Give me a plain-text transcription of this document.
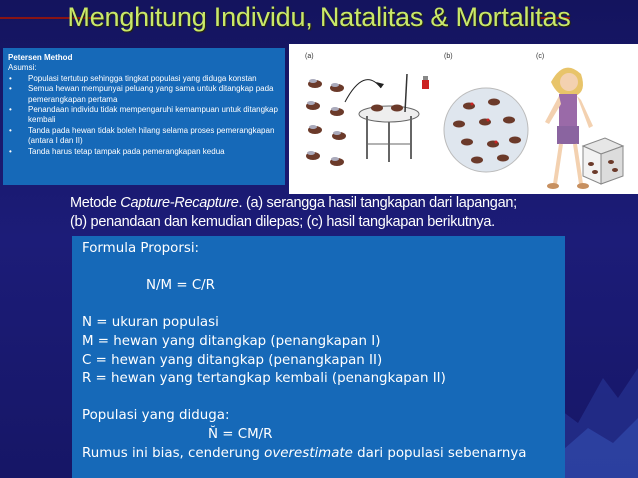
Menghitung Individu, Natalitas & Mortalitas
Petersen Method
Asumsi:
• Populasi tertutup sehingga tingkat populasi yang diduga konstan
• Semua hewan mempunyai peluang yang sama untuk ditangkap pada pemerangkapan pertama
• Penandaan individu tidak mempengaruhi kemampuan untuk ditangkap kembali
• Tanda pada hewan tidak boleh hilang selama proses pemerangkapan (antara I dan II)
• Tanda harus tetap tampak pada pemerangkapan kedua
(a)	(b)	(c)
Metode Capture-Recapture. (a) serangga hasil tangkapan dari lapangan;
(b) penandaan dan kemudian dilepas; (c) hasil tangkapan berikutnya.
Formula Proporsi:
N/M = C/R
N = ukuran populasi
M = hewan yang ditangkap (penangkapan I)
C = hewan yang ditangkap (penangkapan II)
R = hewan yang tertangkap kembali (penangkapan II)
Populasi yang diduga:
N̆ = CM/R
Rumus ini bias, cenderung overestimate dari populasi sebenarnya
